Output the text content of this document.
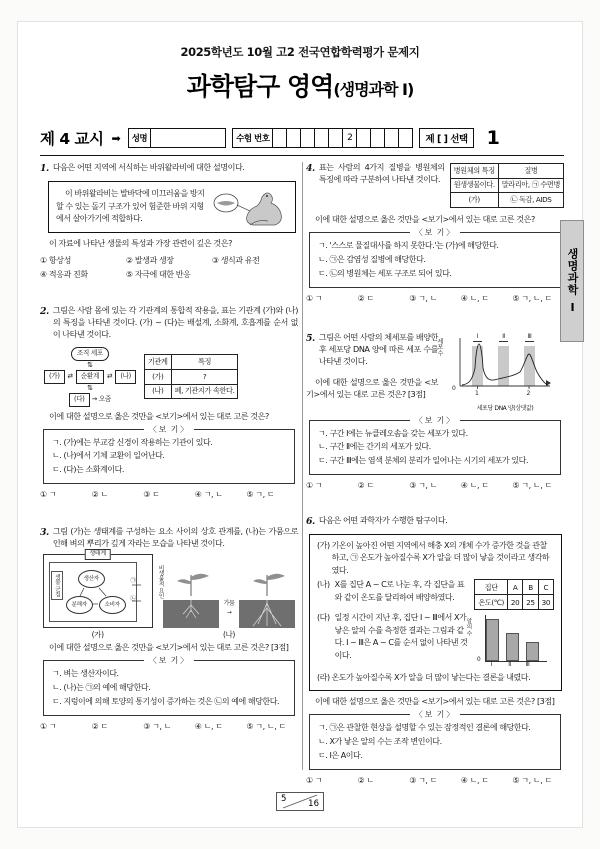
2025학년도 10월 고2 전국연합학력평가 문제지
과학탐구 영역(생명과학 Ⅰ)
제 4 교시 ➡	성명	수험 번호	2	제 [ ] 선택	1
1. 다음은 어떤 지역에 서식하는 바위왈라비에 대한 설명이다.
이 바위왈라비는 발바닥에 미끄러움을 방지할 수 있는 돌기 구조가 있어 험준한 바위 지형에서 살아가기에 적합하다.
이 자료에 나타난 생물의 특성과 가장 관련이 깊은 것은?
① 항상성	② 발생과 생장	③ 생식과 유전
④ 적응과 진화	⑤ 자극에 대한 반응
2. 그림은 사람 몸에 있는 각 기관계의 통합적 작용을, 표는 기관계 (가)와 (나)의 특징을 나타낸 것이다. (가) ~ (다)는 배설계, 소화계, 호흡계를 순서 없이 나타낸 것이다.
조직 세포
⇅
(가)	⇄	순환계	⇄	(나)
⇅
(다)	→ 오줌
기관계	특징
(가)	?
(나)	폐, 기관지가 속한다.
이에 대한 설명으로 옳은 것만을 <보기>에서 있는 대로 고른 것은?
〈 보 기 〉

ㄱ. (가)에는 부교감 신경이 작용하는 기관이 있다.

ㄴ. (나)에서 기체 교환이 일어난다.

ㄷ. (다)는 소화계이다.

① ㄱ	② ㄴ	③ ㄷ	④ ㄱ, ㄴ	⑤ ㄱ, ㄷ
3. 그림 (가)는 생태계를 구성하는 요소 사이의 상호 관계를, (나)는 가뭄으로 인해 벼의 뿌리가 깊게 자라는 모습을 나타낸 것이다.
생태계
생물 군집	비생물적 요인
생산자
분해자	소비자
㉠
㉡
(가)
가뭄
→
(나)
이에 대한 설명으로 옳은 것만을 <보기>에서 있는 대로 고른 것은? [3점]
〈 보 기 〉

ㄱ. 벼는 생산자이다.

ㄴ. (나)는 ㉠의 예에 해당한다.

ㄷ. 지렁이에 의해 토양의 통기성이 증가하는 것은 ㉡의 예에 해당한다.

① ㄱ	② ㄷ	③ ㄱ, ㄴ	④ ㄴ, ㄷ	⑤ ㄱ, ㄴ, ㄷ
4. 표는 사람의 4가지 질병을 병원체의 특징에 따라 구분하여 나타낸 것이다.
병원체의 특징	질병
원생생물이다.	말라리아, ㉠ 수면병
(가)	㉡ 독감, AIDS
이에 대한 설명으로 옳은 것만을 <보기>에서 있는 대로 고른 것은?
〈 보 기 〉

ㄱ. '스스로 물질대사를 하지 못한다.'는 (가)에 해당한다.

ㄴ. ㉠은 감염성 질병에 해당한다.

ㄷ. ㉡의 병원체는 세포 구조로 되어 있다.

① ㄱ	② ㄷ	③ ㄱ, ㄴ	④ ㄴ, ㄷ	⑤ ㄱ, ㄴ, ㄷ
5. 그림은 어떤 사람의 체세포를 배양한 후 세포당 DNA 양에 따른 세포 수를 나타낸 것이다.
이에 대한 설명으로 옳은 것만을 <보기>에서 있는 대로 고른 것은? [3점]
세포 수
Ⅰ	Ⅱ	Ⅲ
1	2
0
세포당 DNA 양(상댓값)
〈 보 기 〉

ㄱ. 구간 Ⅰ에는 뉴클레오솜을 갖는 세포가 있다.

ㄴ. 구간 Ⅱ에는 간기의 세포가 있다.

ㄷ. 구간 Ⅲ에는 염색 분체의 분리가 일어나는 시기의 세포가 있다.

① ㄱ	② ㄷ	③ ㄱ, ㄴ	④ ㄴ, ㄷ	⑤ ㄱ, ㄴ, ㄷ
6. 다음은 어떤 과학자가 수행한 탐구이다.
(가) 기온이 높아진 어떤 지역에서 해충 X의 개체 수가 증가한 것을 관찰하고, ㉠ 온도가 높아질수록 X가 알을 더 많이 낳을 것이라고 생각하였다.
(나) X를 집단 A ~ C로 나눈 후, 각 집단을 표와 같이 온도를 달리하여 배양하였다.
집단	A	B	C
온도(℃)	20	25	30
(다) 일정 시간이 지난 후, 집단 Ⅰ ~ Ⅲ에서 X가 낳은 알의 수를 측정한 결과는 그림과 같다. Ⅰ ~ Ⅲ은 A ~ C를 순서 없이 나타낸 것이다.
알의 수
Ⅰ	Ⅱ	Ⅲ
0
(라) 온도가 높아질수록 X가 알을 더 많이 낳는다는 결론을 내렸다.
이에 대한 설명으로 옳은 것만을 <보기>에서 있는 대로 고른 것은? [3점]
〈 보 기 〉

ㄱ. ㉠은 관찰한 현상을 설명할 수 있는 잠정적인 결론에 해당한다.

ㄴ. X가 낳은 알의 수는 조작 변인이다.

ㄷ. Ⅰ은 A이다.

① ㄱ	② ㄴ	③ ㄱ, ㄷ	④ ㄴ, ㄷ	⑤ ㄱ, ㄴ, ㄷ
생명과학 Ⅰ
5	16
